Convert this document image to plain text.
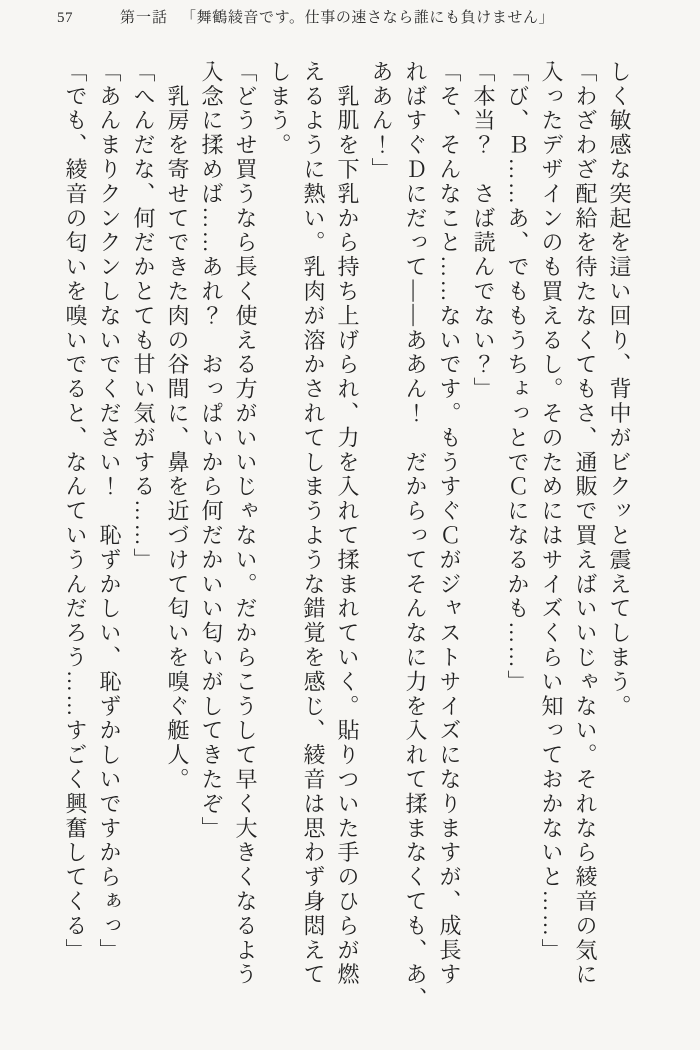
57	第一話 「舞鶴綾音です。仕事の速さなら誰にも負けません」

しく敏感な突起を這い回り、背中がビクッと震えてしまう。

「わざわざ配給を待たなくてもさ、通販で買えばいいじゃない。それなら綾音の気に

入ったデザインのも買えるし。そのためにはサイズくらい知っておかないと……」

「び、Ｂ……あ、でももうちょっとでＣになるかも……」

「本当？　さば読んでない？」

「そ、そんなこと……ないです。もうすぐＣがジャストサイズになりますが、成長す

ればすぐＤにだって――ああん！　だからってそんなに力を入れて揉まなくても、あ、

ああん！」

　乳肌を下乳から持ち上げられ、力を入れて揉まれていく。貼りついた手のひらが燃

えるように熱い。乳肉が溶かされてしまうような錯覚を感じ、綾音は思わず身悶えて

しまう。

「どうせ買うなら長く使える方がいいじゃない。だからこうして早く大きくなるよう

入念に揉めば……あれ？　おっぱいから何だかいい匂いがしてきたぞ」

　乳房を寄せてできた肉の谷間に、鼻を近づけて匂いを嗅ぐ艇人。

「へんだな、何だかとても甘い気がする……」

「あんまりクンクンしないでください！　恥ずかしい、恥ずかしいですからぁっ」

「でも、綾音の匂いを嗅いでると、なんていうんだろう……すごく興奮してくる」
